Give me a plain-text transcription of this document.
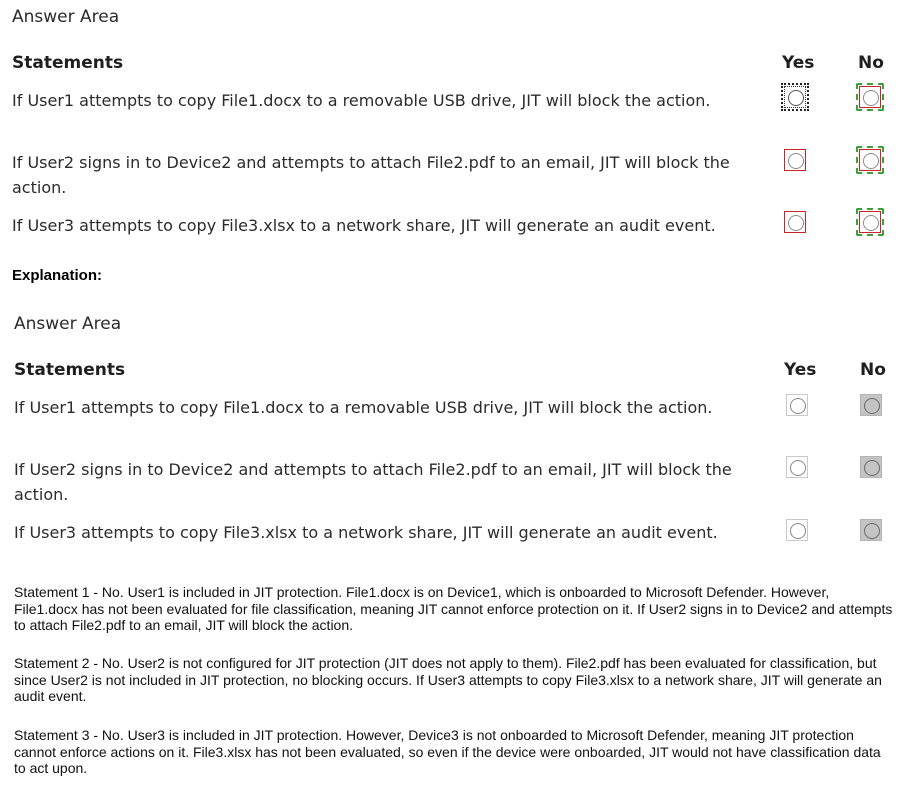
Answer Area
Statements	Yes	No
If User1 attempts to copy File1.docx to a removable USB drive, JIT will block the action.
If User2 signs in to Device2 and attempts to attach File2.pdf to an email, JIT will block the action.
If User3 attempts to copy File3.xlsx to a network share, JIT will generate an audit event.
Explanation:
Answer Area
Statements	Yes	No
If User1 attempts to copy File1.docx to a removable USB drive, JIT will block the action.
If User2 signs in to Device2 and attempts to attach File2.pdf to an email, JIT will block the action.
If User3 attempts to copy File3.xlsx to a network share, JIT will generate an audit event.
Statement 1 - No. User1 is included in JIT protection. File1.docx is on Device1, which is onboarded to Microsoft Defender. However, File1.docx has not been evaluated for file classification, meaning JIT cannot enforce protection on it. If User2 signs in to Device2 and attempts to attach File2.pdf to an email, JIT will block the action.
Statement 2 - No. User2 is not configured for JIT protection (JIT does not apply to them). File2.pdf has been evaluated for classification, but since User2 is not included in JIT protection, no blocking occurs. If User3 attempts to copy File3.xlsx to a network share, JIT will generate an audit event.
Statement 3 - No. User3 is included in JIT protection. However, Device3 is not onboarded to Microsoft Defender, meaning JIT protection cannot enforce actions on it. File3.xlsx has not been evaluated, so even if the device were onboarded, JIT would not have classification data to act upon.
